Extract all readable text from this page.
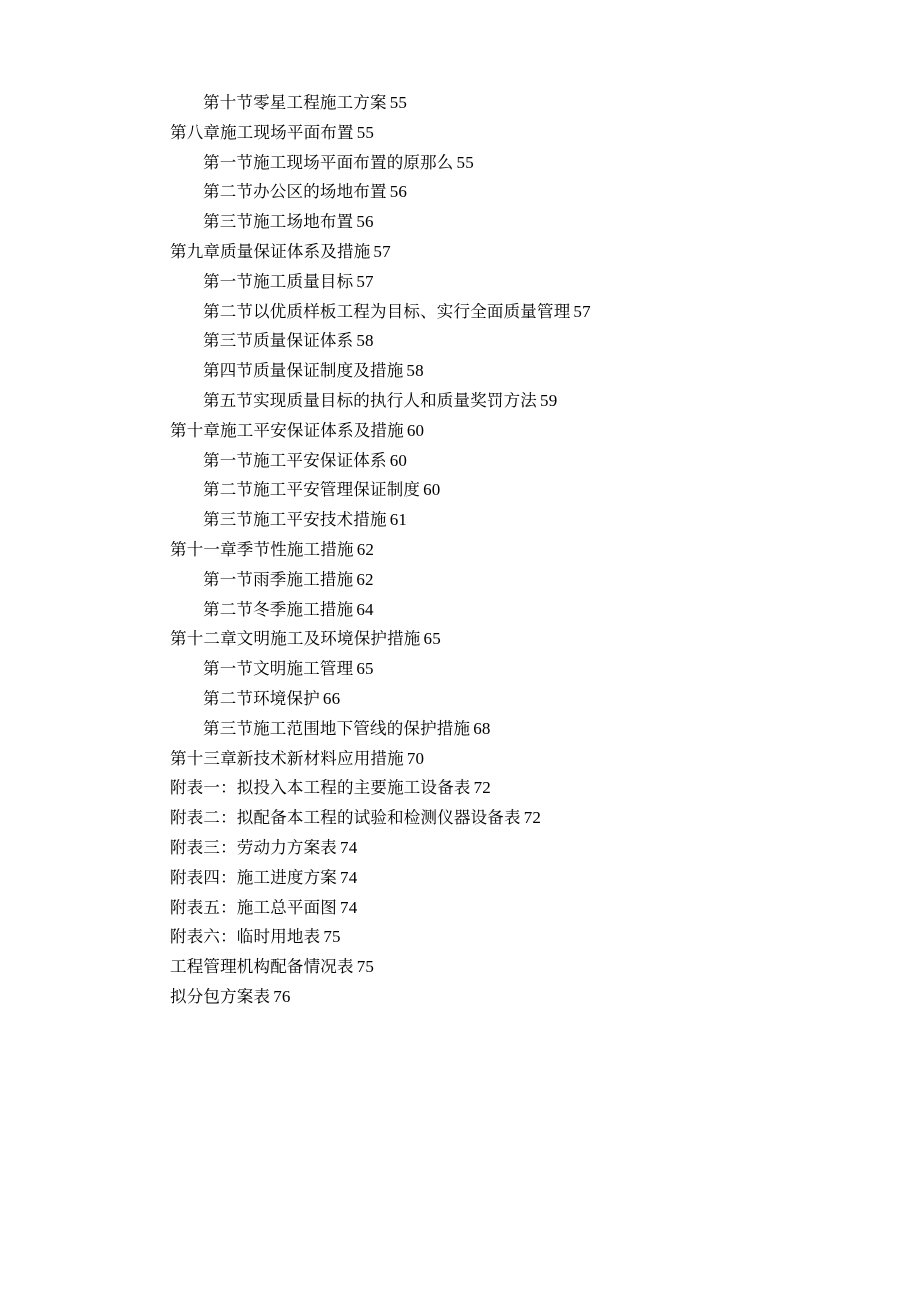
第十节零星工程施工方案 55
第八章施工现场平面布置 55
第一节施工现场平面布置的原那么 55
第二节办公区的场地布置 56
第三节施工场地布置 56
第九章质量保证体系及措施 57
第一节施工质量目标 57
第二节以优质样板工程为目标、实行全面质量管理 57
第三节质量保证体系 58
第四节质量保证制度及措施 58
第五节实现质量目标的执行人和质量奖罚方法 59
第十章施工平安保证体系及措施 60
第一节施工平安保证体系 60
第二节施工平安管理保证制度 60
第三节施工平安技术措施 61
第十一章季节性施工措施 62
第一节雨季施工措施 62
第二节冬季施工措施 64
第十二章文明施工及环境保护措施 65
第一节文明施工管理 65
第二节环境保护 66
第三节施工范围地下管线的保护措施 68
第十三章新技术新材料应用措施 70
附表一：拟投入本工程的主要施工设备表 72
附表二：拟配备本工程的试验和检测仪器设备表 72
附表三：劳动力方案表 74
附表四：施工进度方案 74
附表五：施工总平面图 74
附表六：临时用地表 75
工程管理机构配备情况表 75
拟分包方案表 76
